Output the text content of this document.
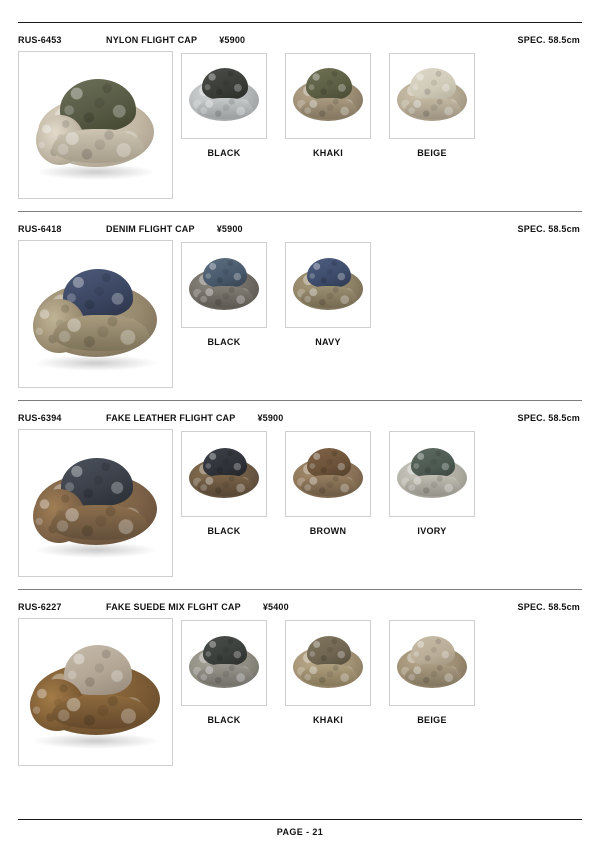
RUS-6453	NYLON FLIGHT CAP ¥5900	SPEC. 58.5cm
BLACK	KHAKI	BEIGE
RUS-6418	DENIM FLIGHT CAP ¥5900	SPEC. 58.5cm
BLACK	NAVY
RUS-6394	FAKE LEATHER FLIGHT CAP ¥5900	SPEC. 58.5cm
BLACK	BROWN	IVORY
RUS-6227	FAKE SUEDE MIX FLGHT CAP ¥5400	SPEC. 58.5cm
BLACK	KHAKI	BEIGE
PAGE - 21
